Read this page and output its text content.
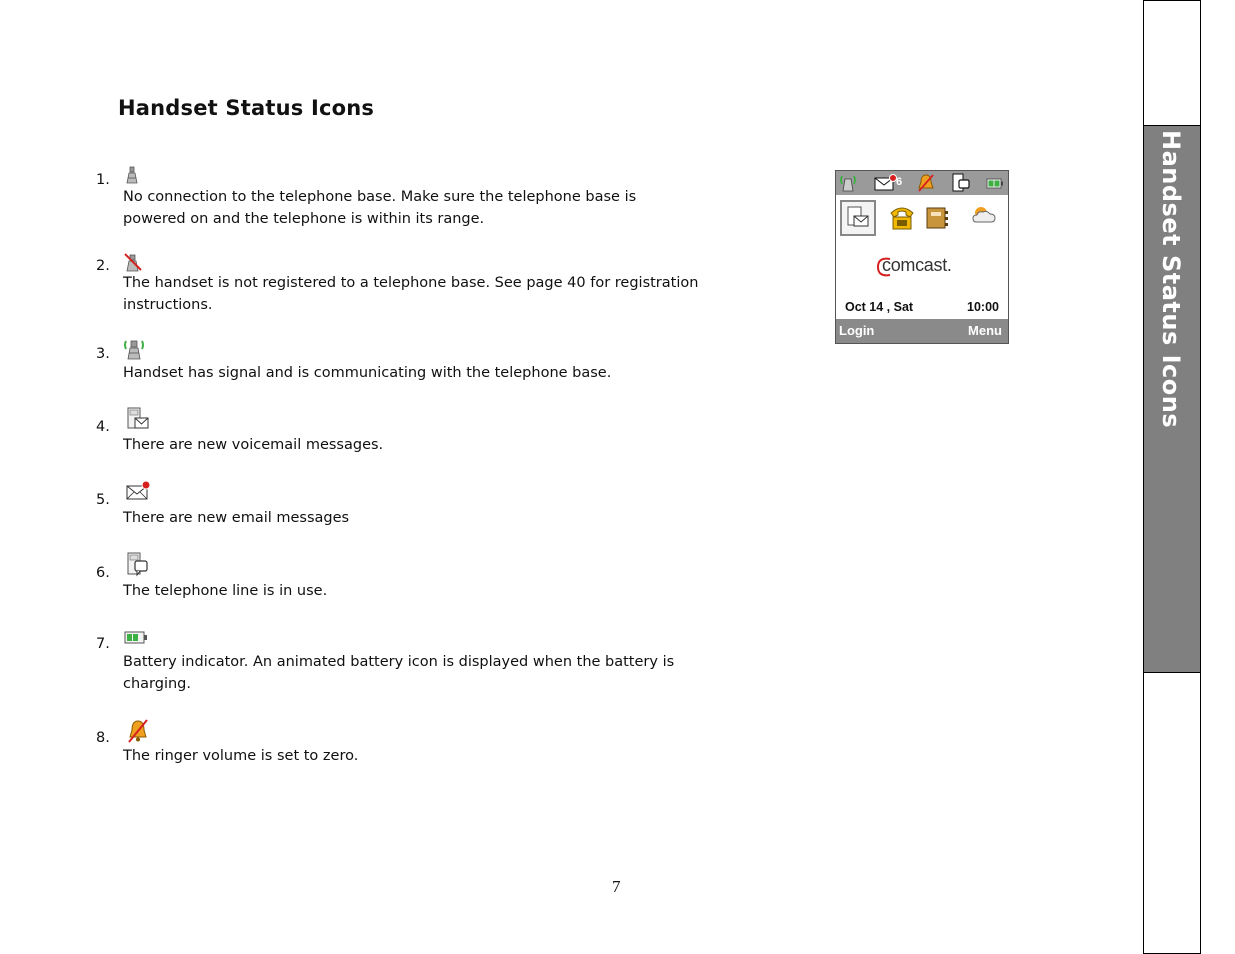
Handset Status Icons
1.
No connection to the telephone base. Make sure the telephone base is
powered on and the telephone is within its range.
2.
The handset is not registered to a telephone base. See page 40 for registration
instructions.
3.
Handset has signal and is communicating with the telephone base.
4.
There are new voicemail messages.
5.
There are new email messages
6.
The telephone line is in use.
7.
Battery indicator. An animated battery icon is displayed when the battery is
charging.
8.
The ringer volume is set to zero.
6
comcast.
Oct 14 , Sat	10:00
Login	Menu	Handset Status Icons
7
